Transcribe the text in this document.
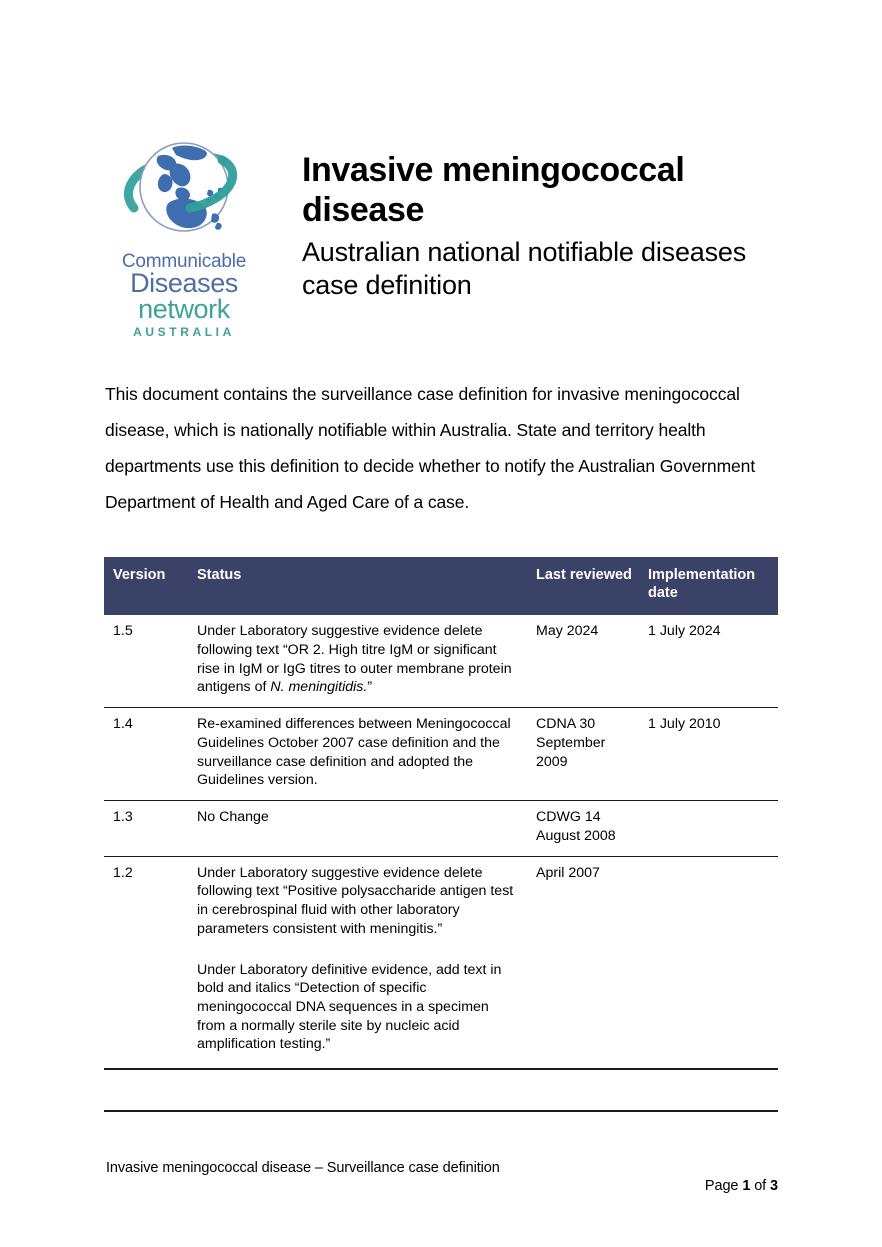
Communicable
Diseases
network
AUSTRALIA
Invasive meningococcal disease
Australian national notifiable diseases case definition

This document contains the surveillance case definition for invasive meningococcal disease, which is nationally notifiable within Australia. State and territory health departments use this definition to decide whether to notify the Australian Government Department of Health and Aged Care of a case.

Version	Status	Last reviewed	Implementation date
1.5	Under Laboratory suggestive evidence delete following text “OR 2. High titre IgM or significant rise in IgM or IgG titres to outer membrane protein antigens of N. meningitidis.”	May 2024	1 July 2024
1.4	Re-examined differences between Meningococcal Guidelines October 2007 case definition and the surveillance case definition and adopted the Guidelines version.	CDNA 30 September 2009	1 July 2010
1.3	No Change	CDWG 14 August 2008	
1.2	Under Laboratory suggestive evidence delete following text “Positive polysaccharide antigen test in cerebrospinal fluid with other laboratory parameters consistent with meningitis.”

Under Laboratory definitive evidence, add text in bold and italics “Detection of specific meningococcal DNA sequences in a specimen from a normally sterile site by nucleic acid amplification testing.”	April 2007	
Invasive meningococcal disease – Surveillance case definition
Page 1 of 3
